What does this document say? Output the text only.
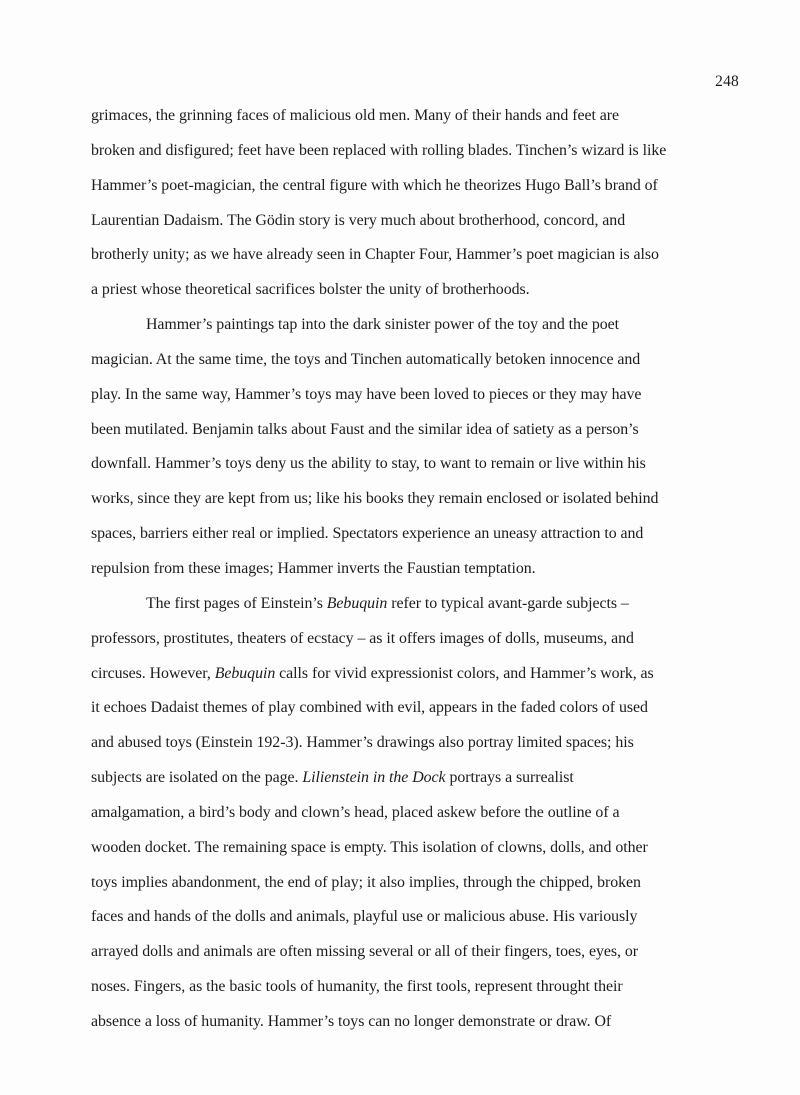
248
grimaces, the grinning faces of malicious old men. Many of their hands and feet are
broken and disfigured; feet have been replaced with rolling blades. Tinchen’s wizard is like
Hammer’s poet-magician, the central figure with which he theorizes Hugo Ball’s brand of
Laurentian Dadaism. The Gödin story is very much about brotherhood, concord, and
brotherly unity; as we have already seen in Chapter Four, Hammer’s poet magician is also
a priest whose theoretical sacrifices bolster the unity of brotherhoods.
Hammer’s paintings tap into the dark sinister power of the toy and the poet
magician. At the same time, the toys and Tinchen automatically betoken innocence and
play. In the same way, Hammer’s toys may have been loved to pieces or they may have
been mutilated. Benjamin talks about Faust and the similar idea of satiety as a person’s
downfall. Hammer’s toys deny us the ability to stay, to want to remain or live within his
works, since they are kept from us; like his books they remain enclosed or isolated behind
spaces, barriers either real or implied. Spectators experience an uneasy attraction to and
repulsion from these images; Hammer inverts the Faustian temptation.
The first pages of Einstein’s Bebuquin refer to typical avant-garde subjects –
professors, prostitutes, theaters of ecstacy – as it offers images of dolls, museums, and
circuses. However, Bebuquin calls for vivid expressionist colors, and Hammer’s work, as
it echoes Dadaist themes of play combined with evil, appears in the faded colors of used
and abused toys (Einstein 192-3). Hammer’s drawings also portray limited spaces; his
subjects are isolated on the page. Lilienstein in the Dock portrays a surrealist
amalgamation, a bird’s body and clown’s head, placed askew before the outline of a
wooden docket. The remaining space is empty. This isolation of clowns, dolls, and other
toys implies abandonment, the end of play; it also implies, through the chipped, broken
faces and hands of the dolls and animals, playful use or malicious abuse. His variously
arrayed dolls and animals are often missing several or all of their fingers, toes, eyes, or
noses. Fingers, as the basic tools of humanity, the first tools, represent throught their
absence a loss of humanity. Hammer’s toys can no longer demonstrate or draw. Of
